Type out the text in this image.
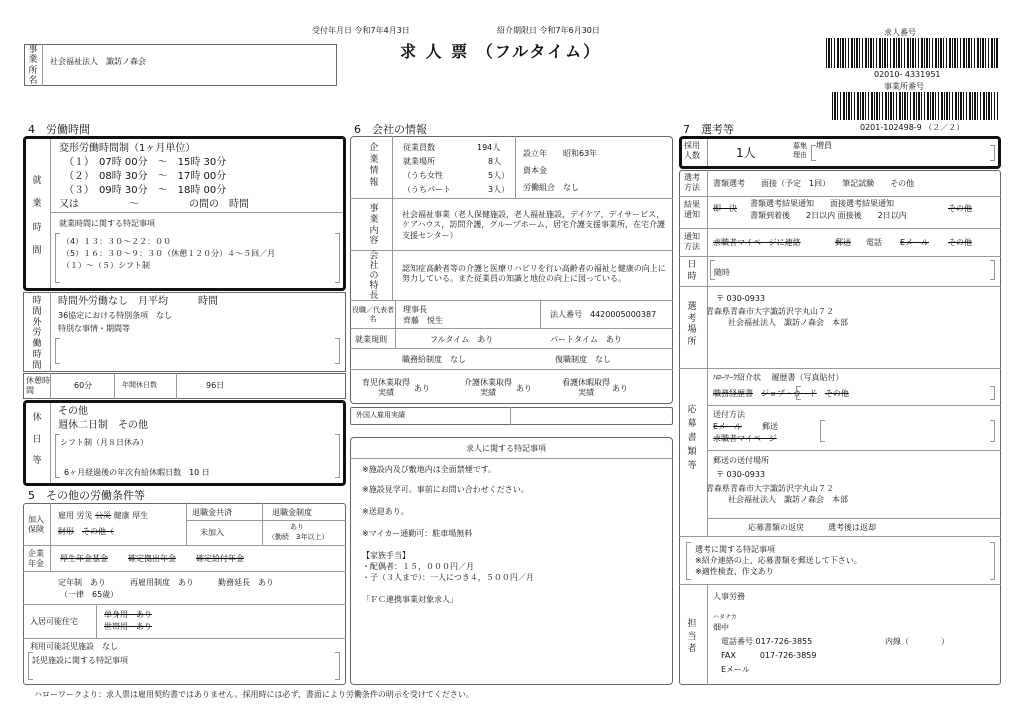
受付年月日 令和7年4月3日	紹介期限日 令和7年6月30日
求 人 票 （フルタイム）
事業所名
社会福祉法人　諏訪ノ森会
求人番号
02010- 4331951
事業所番号
0201-102498-9 （２／２）
4　労働時間
就業時間
変形労働時間制（1ヶ月単位）
（１）　07時 00分　～　15時 30分
（２）　08時 30分　～　17時 00分
（３）　09時 30分　～　18時 00分
又は　　　　　～　　　　　の間の　時間
就業時間に関する特記事項
（4）１３：３０～２２：００
（5）１６：３０～９：３０（休憩１２０分）４～５回／月
（１）～（５）シフト制
時間外労働時間
時間外労働なし　月平均　　　時間
36協定における特別条項　なし
特別な事情・期間等
休憩時間
60分	年間休日数	96日
休日等
その他
週休二日制　その他
シフト制（月８日休み）
6ヶ月経過後の年次有給休暇日数　10 日
5　その他の労働条件等
加入保険
雇用 労災 公災 健康 厚生
財形　 その他（
退職金共済
未加入
退職金制度
あり
（勤続　3年以上）
企業年金
厚生年金基金	確定拠出年金	確定給付年金
定年制　あり　　　再雇用制度　あり　　　勤務延長　あり
（一律　65歳）
入居可能住宅
単身用　あり
世帯用　あり
利用可能託児施設　なし
託児施設に関する特記事項
6　会社の情報
企業情報
従業員数	194人
就業場所	8人
（うち女性	5人）
（うちパート	3人）
設立年　　昭和63年
資本金
労働組合　なし
事業内容
社会福祉事業（老人保健施設，老人福祉施設，デイケア，デイサービス，ケアハウス，訪問介護，グループホーム，居宅介護支援事業所，在宅介護支援センター）
会社の特長
認知症高齢者等の介護と医療リハビリを行い高齢者の福祉と健康の向上に努力している。また従業員の知識と地位の向上に図っている。
役職／代表者名
理事長
齊藤　悦生
法人番号　4420005000387
就業規則	フルタイム　あり	パートタイム　あり
職務給制度　なし	復職制度　なし
育児休業取得実績	あり
介護休業取得実績	あり
看護休暇取得実績	あり
外国人雇用実績
求人に関する特記事項
※施設内及び敷地内は全面禁煙です。
※施設見学可。事前にお問い合わせください。
※送迎あり。
※マイカー通勤可：駐車場無料
【家族手当】
・配偶者：１５，０００円／月
・子（３人まで）：一人につき４，５００円／月
「ＦＣ連携事業対象求人」
7　選考等
採用人数	1人	募集理由
増員
選考方法	書類選考　　面接（予定　1回）　　筆記試験　　その他
結果通知
即　決
書類選考結果通知　　面接選考結果通知
その他
書類到着後　　2日以内 面接後　　2日以内
通知方法	求職者マイページに連絡	郵送 電話 Eメール その他
日時 随時
選考場所
〒 030-0933
青森県青森市大字諏訪沢字丸山７２
社会福祉法人　諏訪ノ森会　本部
応募書類等
ﾊﾛｰﾜｰｸ紹介状　 履歴書（写真貼付）
職務経歴書　 ジョブ・カード　 その他
送付方法
Eメール	郵送
求職者マイページ
郵送の送付場所
〒 030-0933
青森県青森市大字諏訪沢字丸山７２
社会福祉法人　諏訪ノ森会　本部
応募書類の返戻　　　選考後は返却
選考に関する特記事項
※紹介連絡の上、応募書類を郵送して下さい。
※適性検査、作文あり
担当者
人事労務
ハタナカ
畑中
電話番号 017-726-3855	内線（　　　　）
FAX　　　017-726-3859
Eメール
ハローワークより：求人票は雇用契約書ではありません。採用時には必ず、書面により労働条件の明示を受けてください。
